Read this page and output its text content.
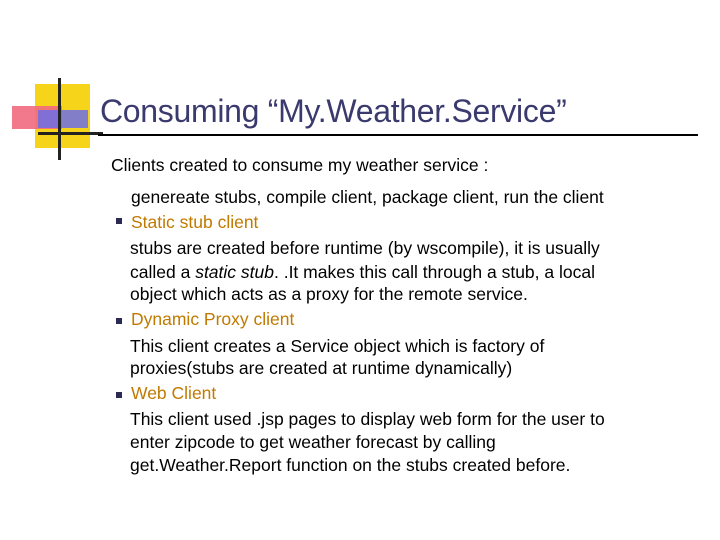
Consuming “My.Weather.Service”
Clients created to consume my weather service :
genereate stubs, compile client, package client, run the client
Static stub client
stubs are created before runtime (by wscompile), it is usually
called a static stub. .It makes this call through a stub, a local
object which acts as a proxy for the remote service.
Dynamic Proxy client
This client creates a Service object which is factory of
proxies(stubs are created at runtime dynamically)
Web Client
This client used .jsp pages to display web form for the user to
enter zipcode to get weather forecast by calling
get.Weather.Report function on the stubs created before.
